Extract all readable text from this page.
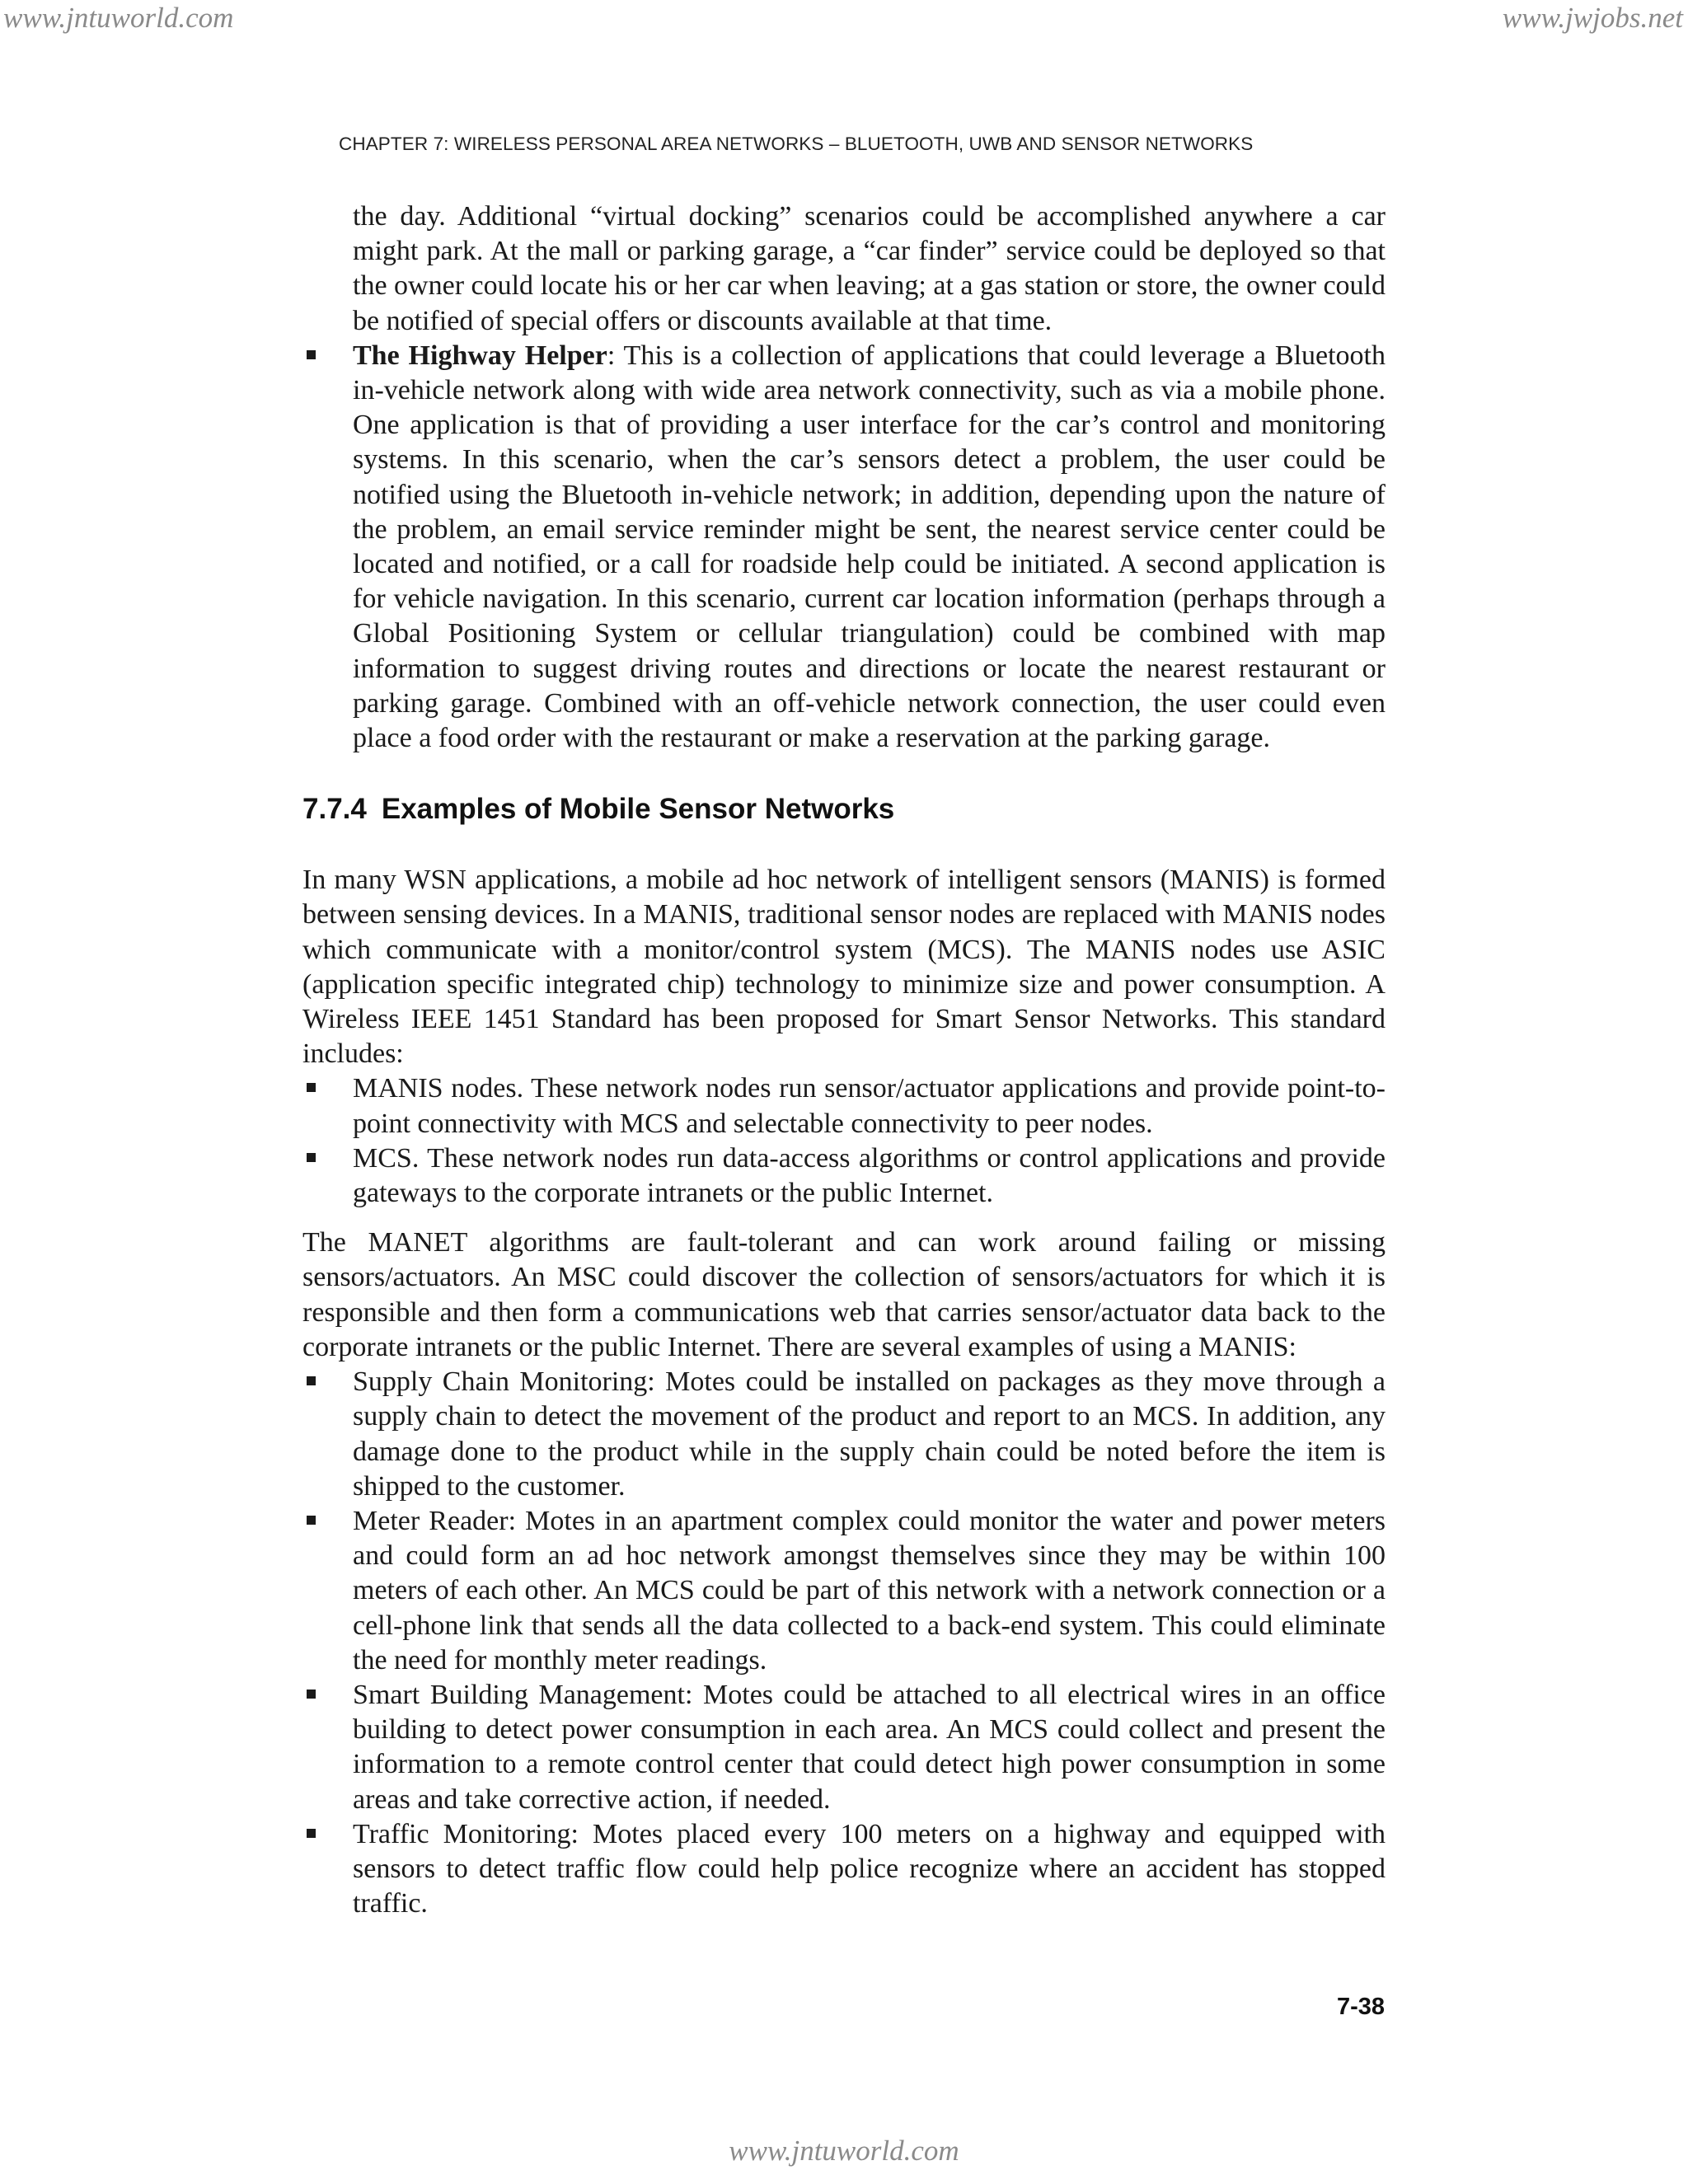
www.jntuworld.com	www.jwjobs.net
CHAPTER 7: WIRELESS PERSONAL AREA NETWORKS – BLUETOOTH, UWB AND SENSOR NETWORKS

the day. Additional “virtual docking” scenarios could be accomplished anywhere a car might park. At the mall or parking garage, a “car finder” service could be deployed so that the owner could locate his or her car when leaving; at a gas station or store, the owner could be notified of special offers or discounts available at that time.

The Highway Helper: This is a collection of applications that could leverage a Bluetooth in-vehicle network along with wide area network connectivity, such as via a mobile phone. One application is that of providing a user interface for the car’s control and monitoring systems. In this scenario, when the car’s sensors detect a problem, the user could be notified using the Bluetooth in-vehicle network; in addition, depending upon the nature of the problem, an email service reminder might be sent, the nearest service center could be located and notified, or a call for roadside help could be initiated. A second application is for vehicle navigation. In this scenario, current car location information (perhaps through a Global Positioning System or cellular triangulation) could be combined with map information to suggest driving routes and directions or locate the nearest restaurant or parking garage. Combined with an off-vehicle network connection, the user could even place a food order with the restaurant or make a reservation at the parking garage.
7.7.4 Examples of Mobile Sensor Networks

In many WSN applications, a mobile ad hoc network of intelligent sensors (MANIS) is formed between sensing devices. In a MANIS, traditional sensor nodes are replaced with MANIS nodes which communicate with a monitor/control system (MCS). The MANIS nodes use ASIC (application specific integrated chip) technology to minimize size and power consumption. A Wireless IEEE 1451 Standard has been proposed for Smart Sensor Networks. This standard includes:

MANIS nodes. These network nodes run sensor/actuator applications and provide point-to-point connectivity with MCS and selectable connectivity to peer nodes.
MCS. These network nodes run data-access algorithms or control applications and provide gateways to the corporate intranets or the public Internet.

The MANET algorithms are fault-tolerant and can work around failing or missing sensors/actuators. An MSC could discover the collection of sensors/actuators for which it is responsible and then form a communications web that carries sensor/actuator data back to the corporate intranets or the public Internet. There are several examples of using a MANIS:

Supply Chain Monitoring: Motes could be installed on packages as they move through a supply chain to detect the movement of the product and report to an MCS. In addition, any damage done to the product while in the supply chain could be noted before the item is shipped to the customer.
Meter Reader: Motes in an apartment complex could monitor the water and power meters and could form an ad hoc network amongst themselves since they may be within 100 meters of each other. An MCS could be part of this network with a network connection or a cell-phone link that sends all the data collected to a back-end system. This could eliminate the need for monthly meter readings.
Smart Building Management: Motes could be attached to all electrical wires in an office building to detect power consumption in each area. An MCS could collect and present the information to a remote control center that could detect high power consumption in some areas and take corrective action, if needed.
Traffic Monitoring: Motes placed every 100 meters on a highway and equipped with sensors to detect traffic flow could help police recognize where an accident has stopped traffic.
7-38
www.jntuworld.com
